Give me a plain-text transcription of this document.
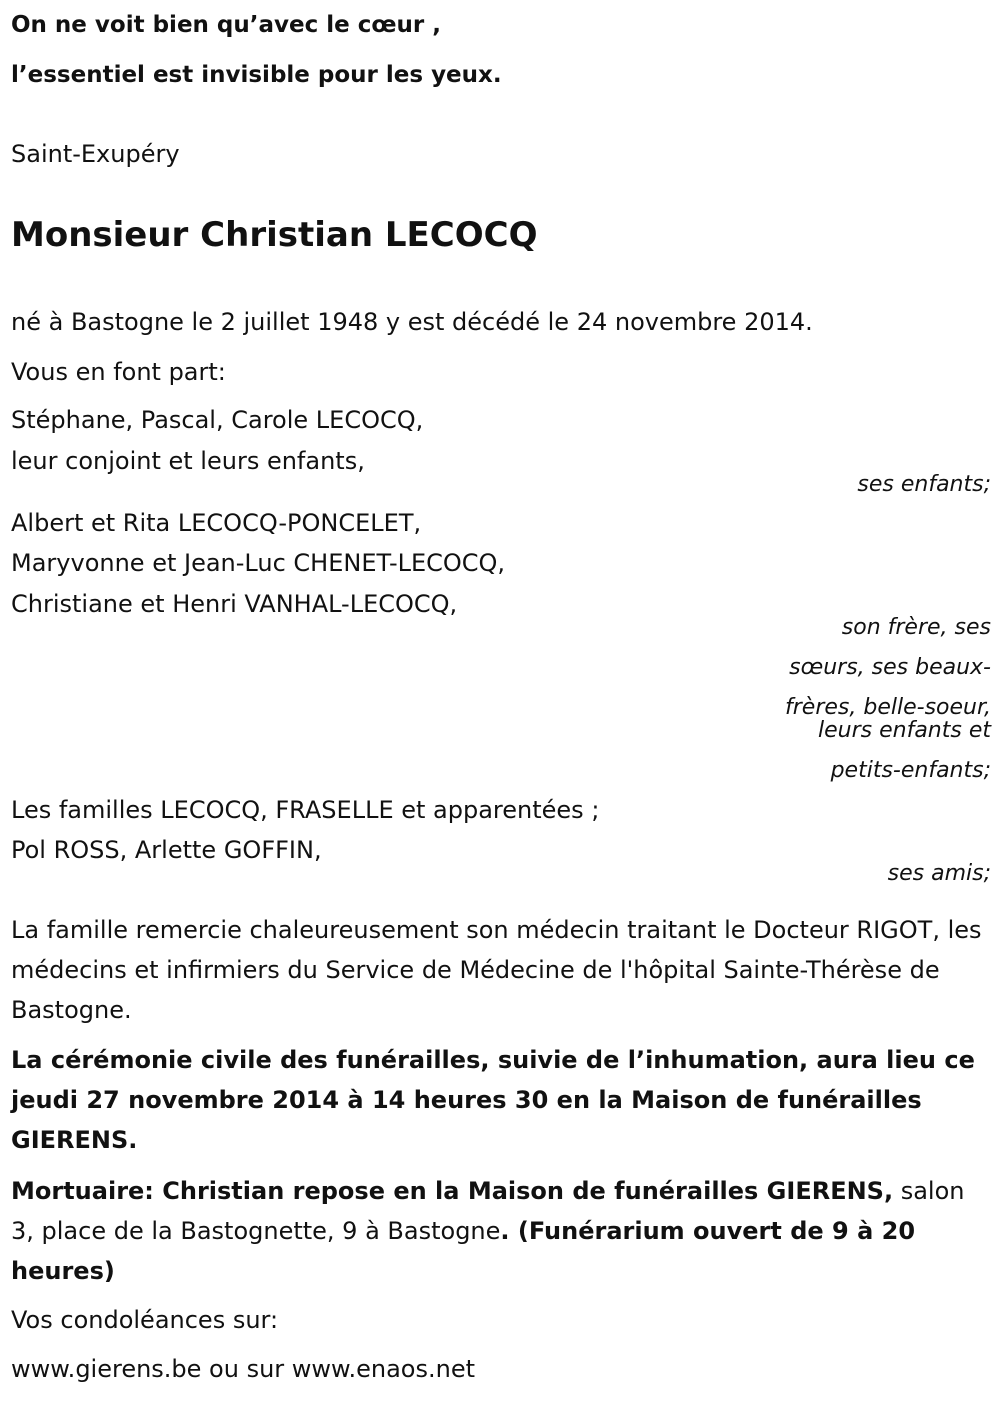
On ne voit bien qu’avec le cœur ,
l’essentiel est invisible pour les yeux.
Saint-Exupéry
Monsieur Christian LECOCQ
né à Bastogne le 2 juillet 1948 y est décédé le 24 novembre 2014.
Vous en font part:
Stéphane, Pascal, Carole LECOCQ,
leur conjoint et leurs enfants,
ses enfants;
Albert et Rita LECOCQ-PONCELET,
Maryvonne et Jean-Luc CHENET-LECOCQ,
Christiane et Henri VANHAL-LECOCQ,
son frère, ses
sœurs, ses beaux-
frères, belle-soeur,
leurs enfants et
petits-enfants;
Les familles LECOCQ, FRASELLE et apparentées ;
Pol ROSS, Arlette GOFFIN,
ses amis;
La famille remercie chaleureusement son médecin traitant le Docteur RIGOT, les médecins et infirmiers du Service de Médecine de l'hôpital Sainte-Thérèse de Bastogne.
La cérémonie civile des funérailles, suivie de l’inhumation, aura lieu ce jeudi 27 novembre 2014 à 14 heures 30 en la Maison de funérailles GIERENS.
Mortuaire: Christian repose en la Maison de funérailles GIERENS, salon 3, place de la Bastognette, 9 à Bastogne. (Funérarium ouvert de 9 à 20 heures)
Vos condoléances sur:
www.gierens.be ou sur www.enaos.net
